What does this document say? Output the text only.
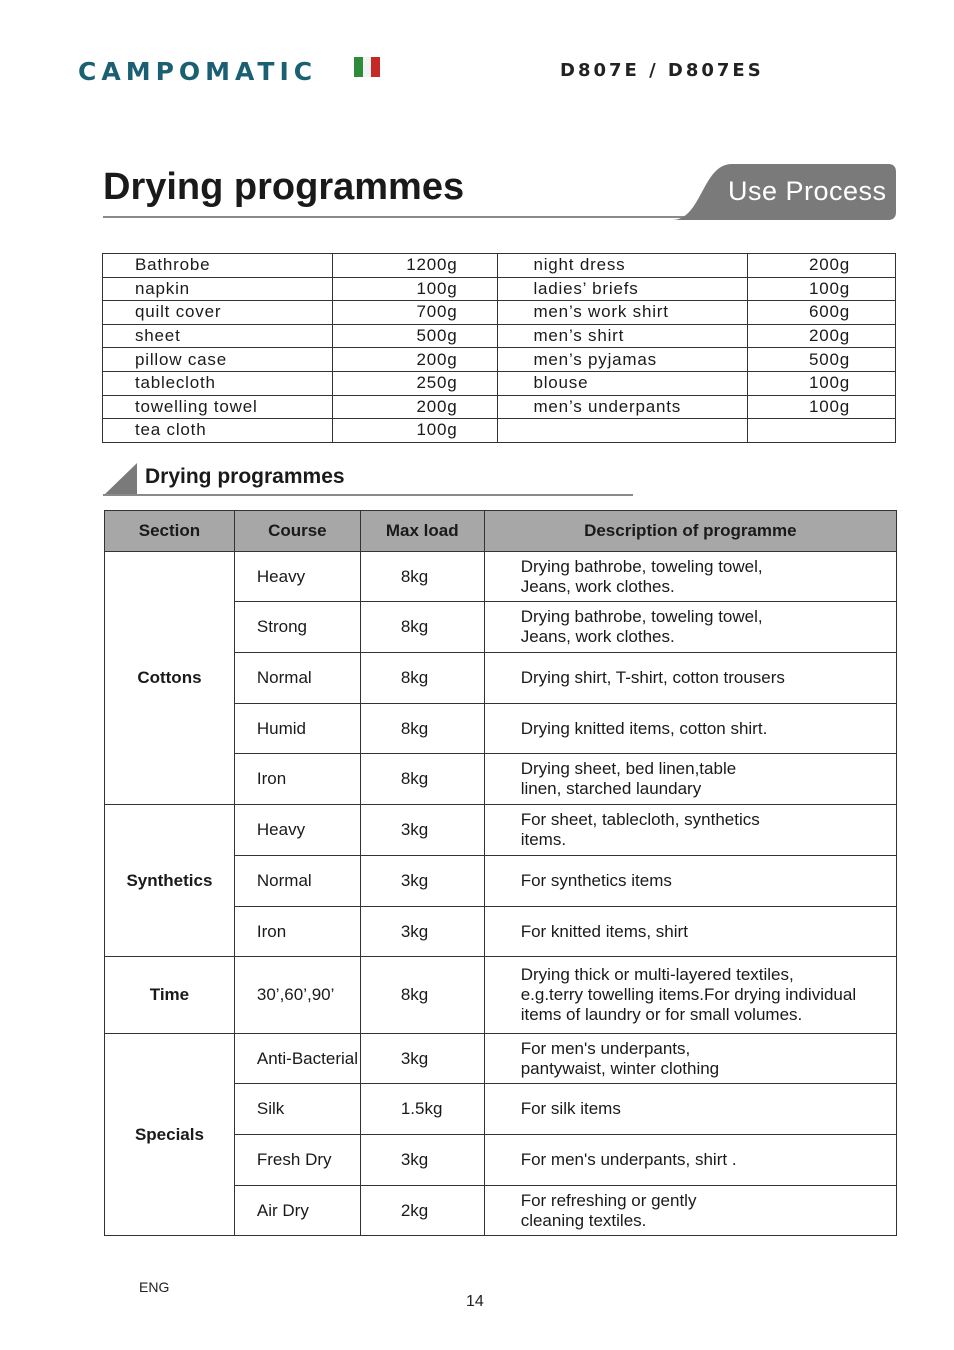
CAMPOMATIC	D807E / D807ES
Drying programmes	Use Process
Bathrobe	1200g	night dress	200g
napkin	100g	ladies’ briefs	100g
quilt cover	700g	men’s work shirt	600g
sheet	500g	men’s shirt	200g
pillow case	200g	men’s pyjamas	500g
tablecloth	250g	blouse	100g
towelling towel	200g	men’s underpants	100g
tea cloth	100g		
Drying programmes
Section	Course	Max load	Description of programme
Cottons	Heavy	8kg	Drying bathrobe, toweling towel,
Jeans, work clothes.

	Strong	8kg	Drying bathrobe, toweling towel,
Jeans, work clothes.

	Normal	8kg	Drying shirt, T-shirt, cotton trousers

	Humid	8kg	Drying knitted items, cotton shirt.

	Iron	8kg	Drying sheet, bed linen,table
linen, starched laundary

Synthetics	Heavy	3kg	For sheet, tablecloth, synthetics
items.

	Normal	3kg	For synthetics items

	Iron	3kg	For knitted items, shirt

Time	30’,60’,90’	8kg	Drying thick or multi-layered textiles,
e.g.terry towelling items.For drying individual
items of laundry or for small volumes.

Specials	Anti-Bacterial	3kg	For men's underpants,
pantywaist, winter clothing

	Silk	1.5kg	For silk items

	Fresh Dry	3kg	For men's underpants, shirt .

	Air Dry	2kg	For refreshing or gently
cleaning textiles.
ENG
14
